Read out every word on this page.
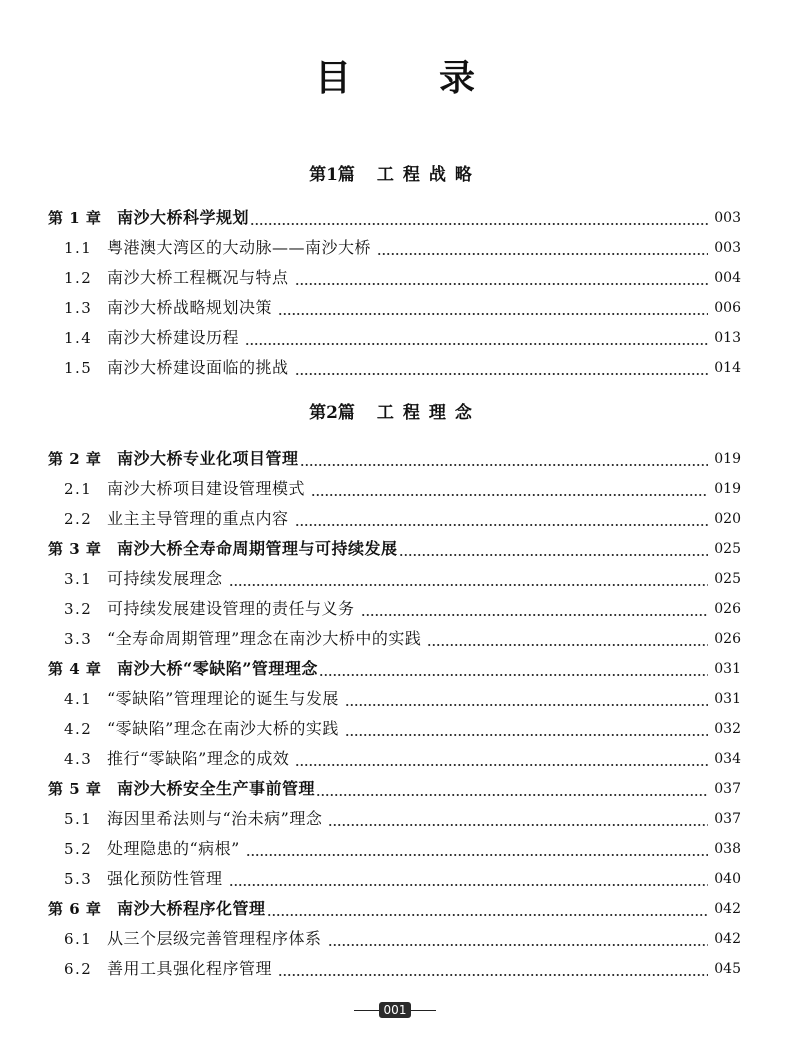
目录
第1篇 工程战略
第 1 章 南沙大桥科学规划	003
1.1 粤港澳大湾区的大动脉——南沙大桥	003
1.2 南沙大桥工程概况与特点	004
1.3 南沙大桥战略规划决策	006
1.4 南沙大桥建设历程	013
1.5 南沙大桥建设面临的挑战	014
第2篇 工程理念
第 2 章 南沙大桥专业化项目管理	019
2.1 南沙大桥项目建设管理模式	019
2.2 业主主导管理的重点内容	020
第 3 章 南沙大桥全寿命周期管理与可持续发展	025
3.1 可持续发展理念	025
3.2 可持续发展建设管理的责任与义务	026
3.3 “全寿命周期管理”理念在南沙大桥中的实践	026
第 4 章 南沙大桥“零缺陷”管理理念	031
4.1 “零缺陷”管理理论的诞生与发展	031
4.2 “零缺陷”理念在南沙大桥的实践	032
4.3 推行“零缺陷”理念的成效	034
第 5 章 南沙大桥安全生产事前管理	037
5.1 海因里希法则与“治未病”理念	037
5.2 处理隐患的“病根”	038
5.3 强化预防性管理	040
第 6 章 南沙大桥程序化管理	042
6.1 从三个层级完善管理程序体系	042
6.2 善用工具强化程序管理	045
001
